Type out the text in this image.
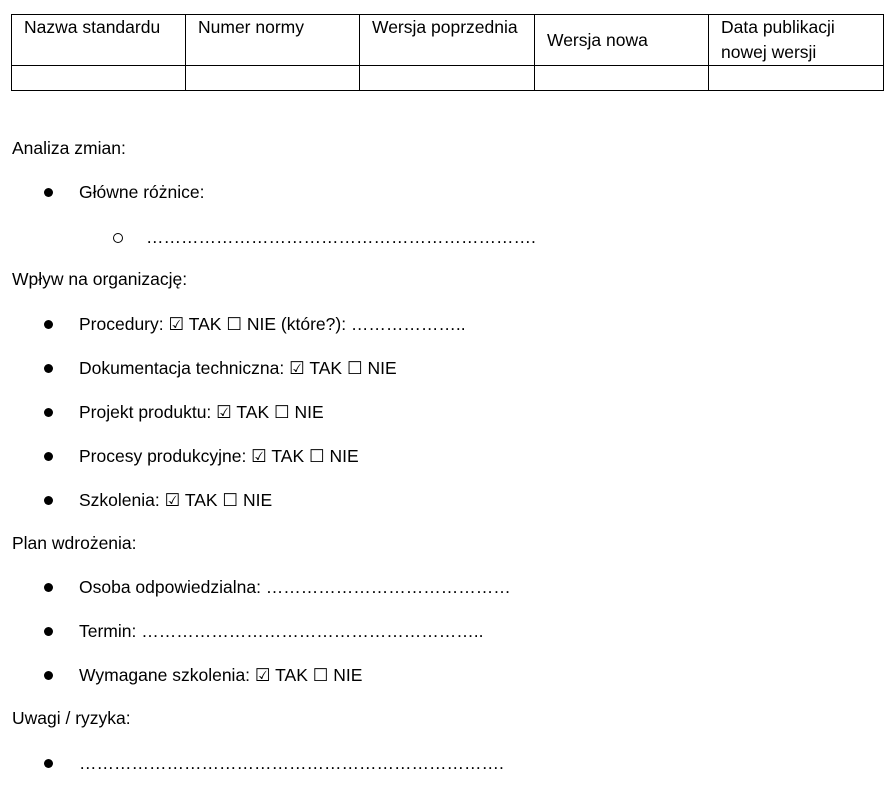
Nazwa standardu	Numer normy	Wersja poprzednia	Wersja nowa	Data publikacji nowej wersji

Analiza zmian:
Główne różnice:
………………………………………………………….
Wpływ na organizację:
Procedury: ☑ TAK ☐ NIE (które?): ………………..
Dokumentacja techniczna: ☑ TAK ☐ NIE
Projekt produktu: ☑ TAK ☐ NIE
Procesy produkcyjne: ☑ TAK ☐ NIE
Szkolenia: ☑ TAK ☐ NIE
Plan wdrożenia:
Osoba odpowiedzialna: ……………………………………
Termin: …………………………………………………..
Wymagane szkolenia: ☑ TAK ☐ NIE
Uwagi / ryzyka:
……………………………………………………………….
